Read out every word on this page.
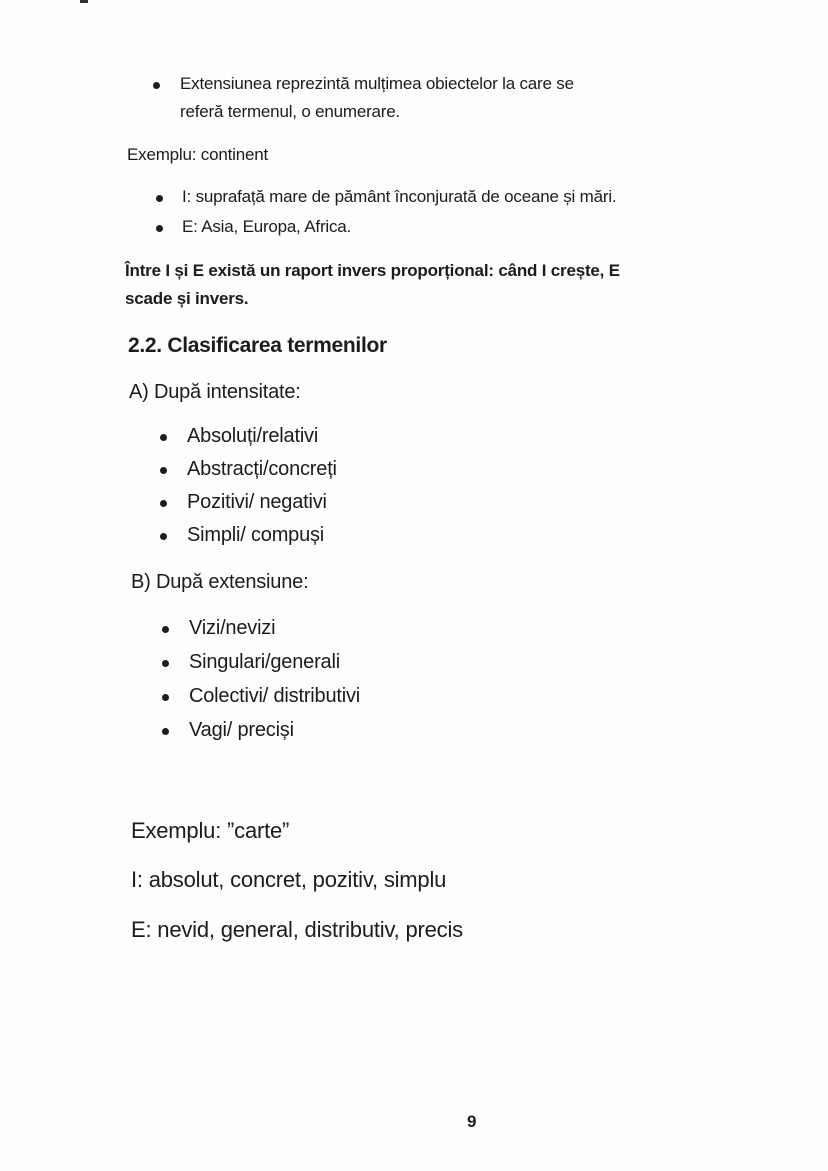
Extensiunea reprezintă mulțimea obiectelor la care se
referă termenul, o enumerare.
Exemplu: continent
I: suprafață mare de pământ înconjurată de oceane și mări.
E: Asia, Europa, Africa.
Între I și E există un raport invers proporțional: când I crește, E
scade și invers.
2.2. Clasificarea termenilor
A) După intensitate:
Absoluți/relativi
Abstracți/concreți
Pozitivi/ negativi
Simpli/ compuși
B) După extensiune:
Vizi/nevizi
Singulari/generali
Colectivi/ distributivi
Vagi/ preciși
Exemplu: ”carte”
I: absolut, concret, pozitiv, simplu
E: nevid, general, distributiv, precis
9
